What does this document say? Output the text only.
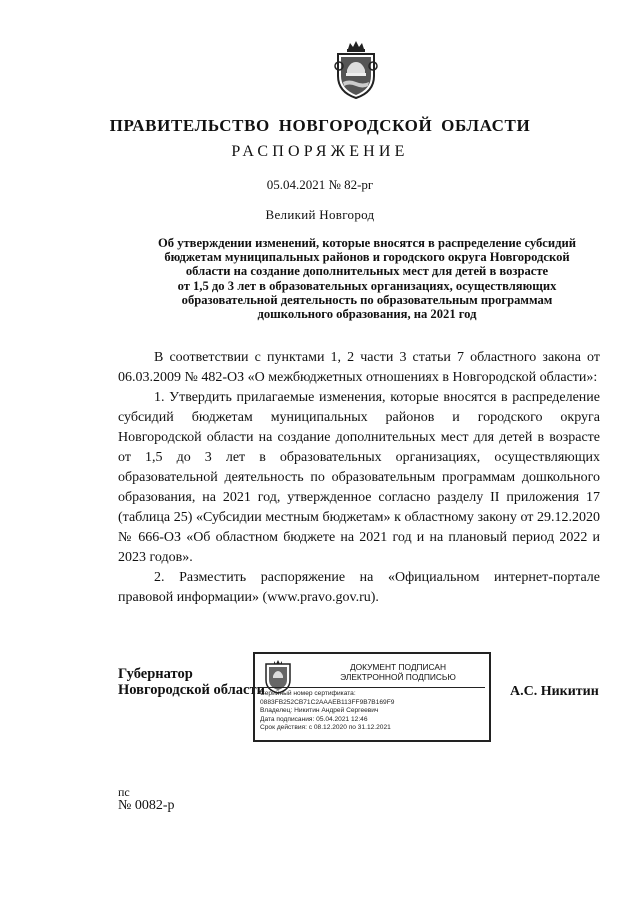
ПРАВИТЕЛЬСТВО НОВГОРОДСКОЙ ОБЛАСТИ
РАСПОРЯЖЕНИЕ
05.04.2021 № 82-рг
Великий Новгород
Об утверждении изменений, которые вносятся в распределение субсидий
бюджетам муниципальных районов и городского округа Новгородской
области на создание дополнительных мест для детей в возрасте
от 1,5 до 3 лет в образовательных организациях, осуществляющих
образовательной деятельность по образовательным программам
дошкольного образования, на 2021 год

В соответствии с пунктами 1, 2 части 3 статьи 7 областного закона от 06.03.2009 № 482-ОЗ «О межбюджетных отношениях в Новгородской области»:

1. Утвердить прилагаемые изменения, которые вносятся в распределение субсидий бюджетам муниципальных районов и городского округа Новгородской области на создание дополнительных мест для детей в возрасте от 1,5 до 3 лет в образовательных организациях, осуществляющих образовательной деятельность по образовательным программам дошкольного образования, на 2021 год, утвержденное согласно разделу II приложения 17 (таблица 25) «Субсидии местным бюджетам» к областному закону от 29.12.2020 № 666-ОЗ «Об областном бюджете на 2021 год и на плановый период 2022 и 2023 годов».

2. Разместить распоряжение на «Официальном интернет-портале правовой информации» (www.pravo.gov.ru).

Губернатор
Новгородской области
ДОКУМЕНТ ПОДПИСАН
ЭЛЕКТРОННОЙ ПОДПИСЬЮ
Серийный номер сертификата:
0883FB252CB71C2AAAEB113FF9B7B169F9
Владелец: Никитин Андрей Сергеевич
Дата подписания: 05.04.2021 12:46
Срок действия: с 08.12.2020 по 31.12.2021
А.С. Никитин
пс
№ 0082-р
